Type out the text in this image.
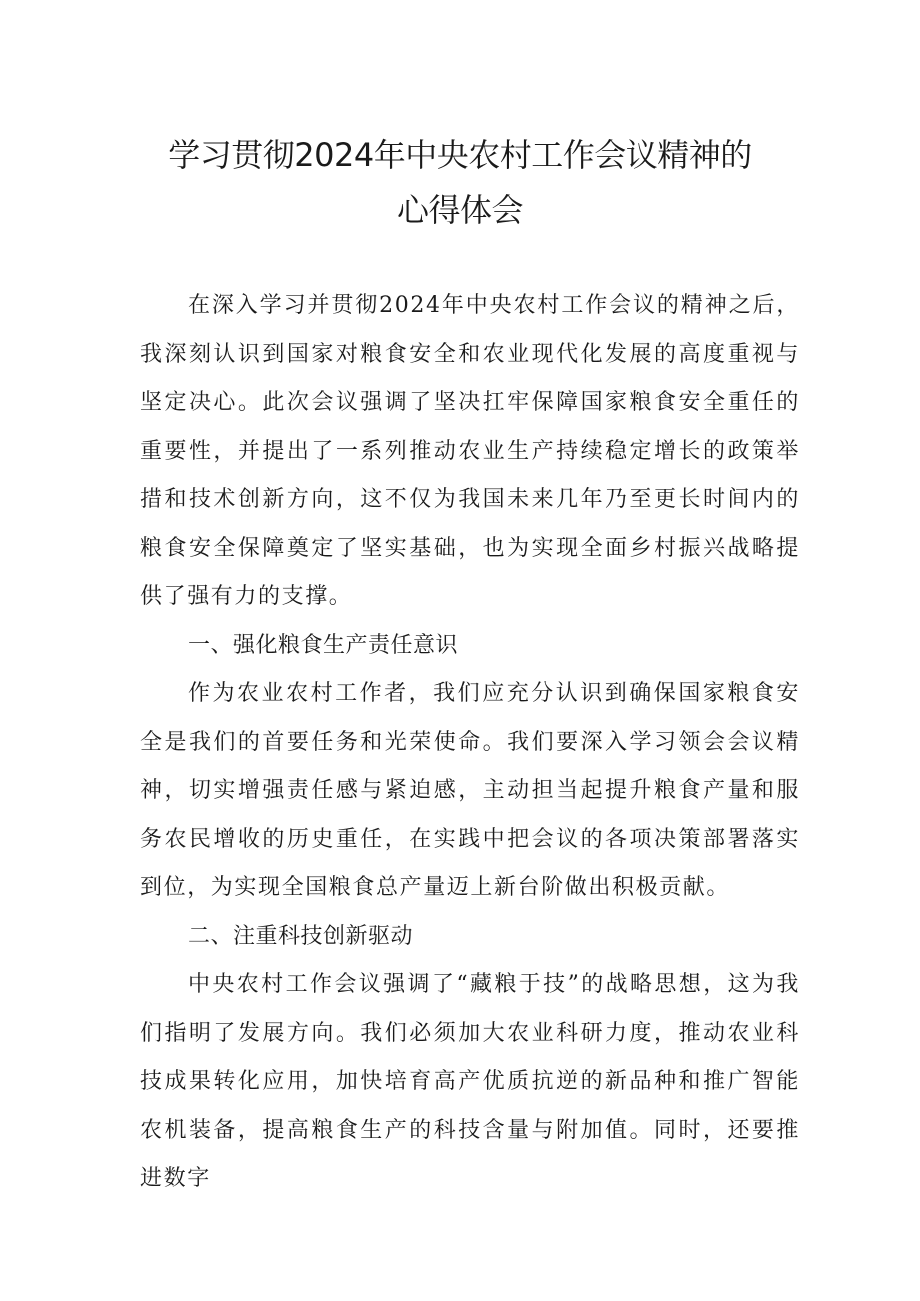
学习贯彻2024年中央农村工作会议精神的
心得体会

在深入学习并贯彻2024年中央农村工作会议的精神之后，我深刻认识到国家对粮食安全和农业现代化发展的高度重视与坚定决心。此次会议强调了坚决扛牢保障国家粮食安全重任的重要性，并提出了一系列推动农业生产持续稳定增长的政策举措和技术创新方向，这不仅为我国未来几年乃至更长时间内的粮食安全保障奠定了坚实基础，也为实现全面乡村振兴战略提供了强有力的支撑。

一、强化粮食生产责任意识

作为农业农村工作者，我们应充分认识到确保国家粮食安全是我们的首要任务和光荣使命。我们要深入学习领会会议精神，切实增强责任感与紧迫感，主动担当起提升粮食产量和服务农民增收的历史重任，在实践中把会议的各项决策部署落实到位，为实现全国粮食总产量迈上新台阶做出积极贡献。

二、注重科技创新驱动

中央农村工作会议强调了“藏粮于技”的战略思想，这为我们指明了发展方向。我们必须加大农业科研力度，推动农业科技成果转化应用，加快培育高产优质抗逆的新品种和推广智能农机装备，提高粮食生产的科技含量与附加值。同时，还要推进数字
